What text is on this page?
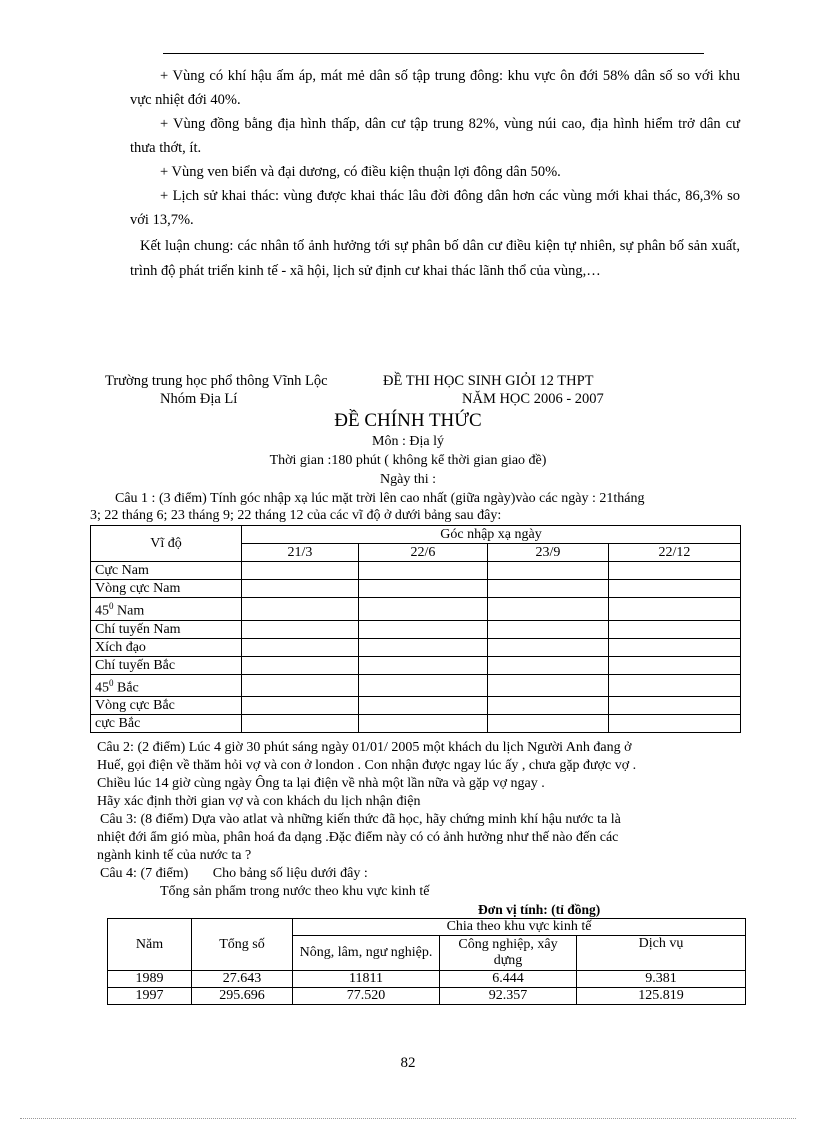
+ Vùng có khí hậu ấm áp, mát mẻ dân số tập trung đông: khu vực ôn đới 58% dân số so với khu vực nhiệt đới 40%.

+ Vùng đồng bằng địa hình thấp, dân cư tập trung 82%, vùng núi cao, địa hình hiểm trở dân cư thưa thớt, ít.

+ Vùng ven biển và đại dương, có điều kiện thuận lợi đông dân 50%.

+ Lịch sử khai thác: vùng được khai thác lâu đời đông dân hơn các vùng mới khai thác, 86,3% so với 13,7%.

Kết luận chung: các nhân tố ảnh hưởng tới sự phân bố dân cư điều kiện tự nhiên, sự phân bố sản xuất, trình độ phát triển kinh tế - xã hội, lịch sử định cư khai thác lãnh thổ của vùng,…

Trường trung học phổ thông Vĩnh Lộc	ĐỀ THI HỌC SINH GIỎI 12 THPT
Nhóm Địa Lí	NĂM HỌC 2006 - 2007
ĐỀ CHÍNH THỨC
Môn : Địa lý
Thời gian :180 phút ( không kể thời gian giao đề)
Ngày thi :
Câu 1 : (3 điểm) Tính góc nhập xạ lúc mặt trời lên cao nhất (giữa ngày)vào các ngày : 21tháng
3; 22 tháng 6; 23 tháng 9; 22 tháng 12 của các vĩ độ ở dưới bảng sau đây:
Vĩ độ	Góc nhập xạ ngày			
	21/3	22/6	23/9	22/12
Cực Nam				
Vòng cực Nam				
$45^0$ Nam				
Chí tuyến Nam				
Xích đạo				
Chí tuyến Bắc				
$45^0$ Bắc				
Vòng cực Bắc				
cực Bắc				
Câu 2: (2 điểm) Lúc 4 giờ 30 phút sáng ngày 01/01/ 2005 một khách du lịch Người Anh đang ở
Huế, gọi điện về thăm hỏi vợ và con ở london . Con nhận được ngay lúc ấy , chưa gặp được vợ .
Chiều lúc 14 giờ cùng ngày Ông ta lại điện về nhà một lần nữa và gặp vợ ngay .
Hãy xác định thời gian vợ và con khách du lịch nhận điện
Câu 3: (8 điểm) Dựa vào atlat và những kiến thức đã học, hãy chứng minh khí hậu nước ta là
nhiệt đới ẩm gió mùa, phân hoá đa dạng .Đặc điểm này có có ảnh hưởng như thế nào đến các
ngành kinh tế của nước ta ?
Câu 4: (7 điểm)       Cho bảng số liệu dưới đây :
Tổng sản phẩm trong nước theo khu vực kinh tế
Đơn vị tính: (tỉ đồng)
Năm	Tổng số	Chia theo khu vực kinh tế		
		Nông, lâm, ngư nghiệp.	Công nghiệp, xây dựng	Dịch vụ
1989	27.643	11811	6.444	9.381
1997	295.696	77.520	92.357	125.819
82
